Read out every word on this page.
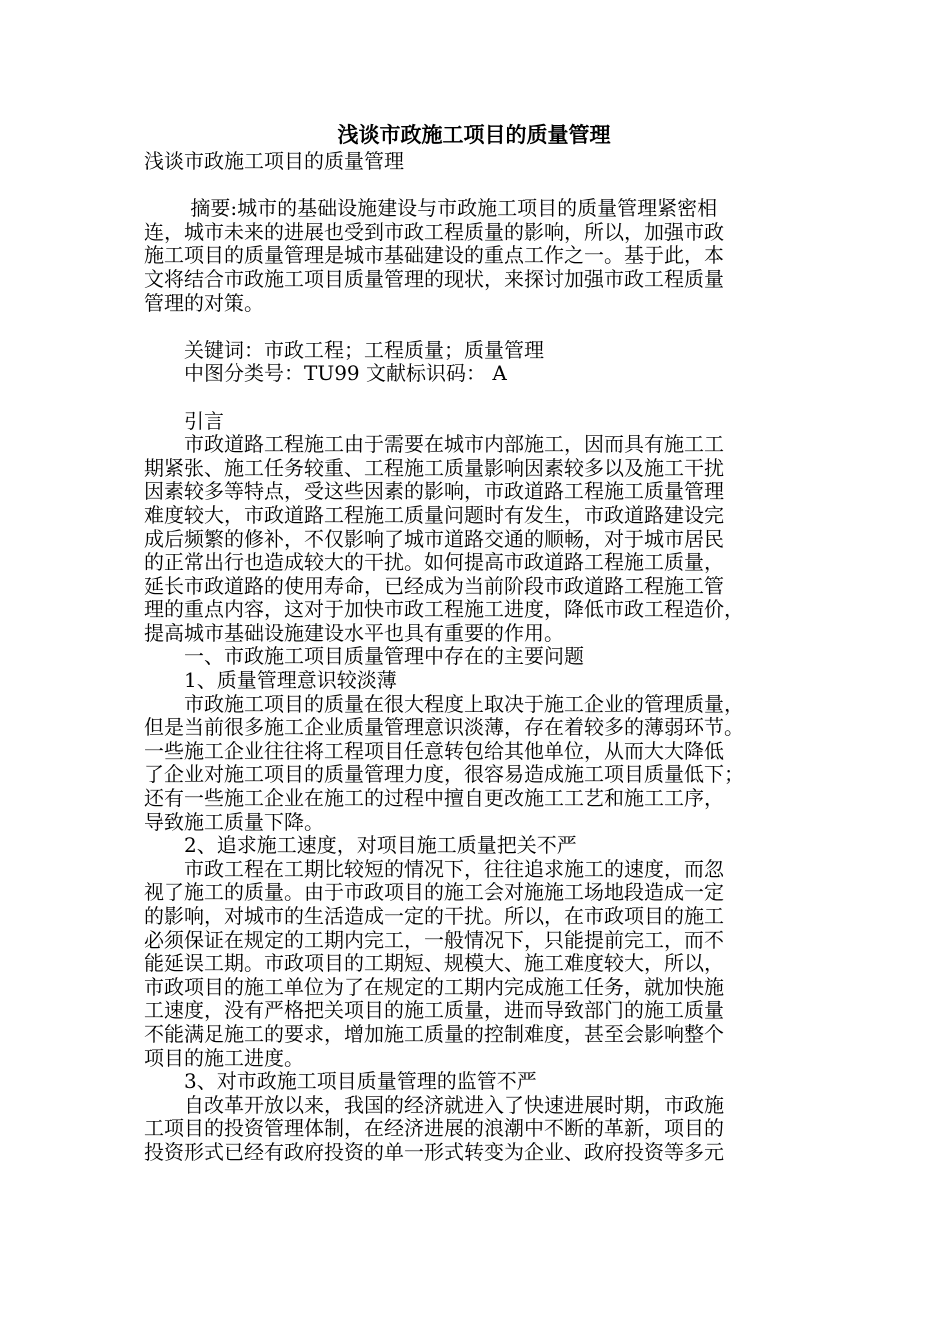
浅谈市政施工项目的质量管理
浅谈市政施工项目的质量管理
　　 摘要:城市的基础设施建设与市政施工项目的质量管理紧密相
连，城市未来的进展也受到市政工程质量的影响，所以，加强市政
施工项目的质量管理是城市基础建设的重点工作之一。基于此，本
文将结合市政施工项目质量管理的现状，来探讨加强市政工程质量
管理的对策。
　　关键词：市政工程；工程质量；质量管理
　　中图分类号：TU99 文献标识码： A
　　引言
　　市政道路工程施工由于需要在城市内部施工，因而具有施工工
期紧张、施工任务较重、工程施工质量影响因素较多以及施工干扰
因素较多等特点，受这些因素的影响，市政道路工程施工质量管理
难度较大，市政道路工程施工质量问题时有发生，市政道路建设完
成后频繁的修补，不仅影响了城市道路交通的顺畅，对于城市居民
的正常出行也造成较大的干扰。如何提高市政道路工程施工质量，
延长市政道路的使用寿命，已经成为当前阶段市政道路工程施工管
理的重点内容，这对于加快市政工程施工进度，降低市政工程造价，
提高城市基础设施建设水平也具有重要的作用。
　　一、市政施工项目质量管理中存在的主要问题
　　1、质量管理意识较淡薄
　　市政施工项目的质量在很大程度上取决于施工企业的管理质量，
但是当前很多施工企业质量管理意识淡薄，存在着较多的薄弱环节。
一些施工企业往往将工程项目任意转包给其他单位，从而大大降低
了企业对施工项目的质量管理力度，很容易造成施工项目质量低下；
还有一些施工企业在施工的过程中擅自更改施工工艺和施工工序，
导致施工质量下降。
　　2、追求施工速度，对项目施工质量把关不严
　　市政工程在工期比较短的情况下，往往追求施工的速度，而忽
视了施工的质量。由于市政项目的施工会对施施工场地段造成一定
的影响，对城市的生活造成一定的干扰。所以，在市政项目的施工
必须保证在规定的工期内完工，一般情况下，只能提前完工，而不
能延误工期。市政项目的工期短、规模大、施工难度较大，所以，
市政项目的施工单位为了在规定的工期内完成施工任务，就加快施
工速度，没有严格把关项目的施工质量，进而导致部门的施工质量
不能满足施工的要求，增加施工质量的控制难度，甚至会影响整个
项目的施工进度。
　　3、对市政施工项目质量管理的监管不严
　　自改革开放以来，我国的经济就进入了快速进展时期，市政施
工项目的投资管理体制，在经济进展的浪潮中不断的革新，项目的
投资形式已经有政府投资的单一形式转变为企业、政府投资等多元
